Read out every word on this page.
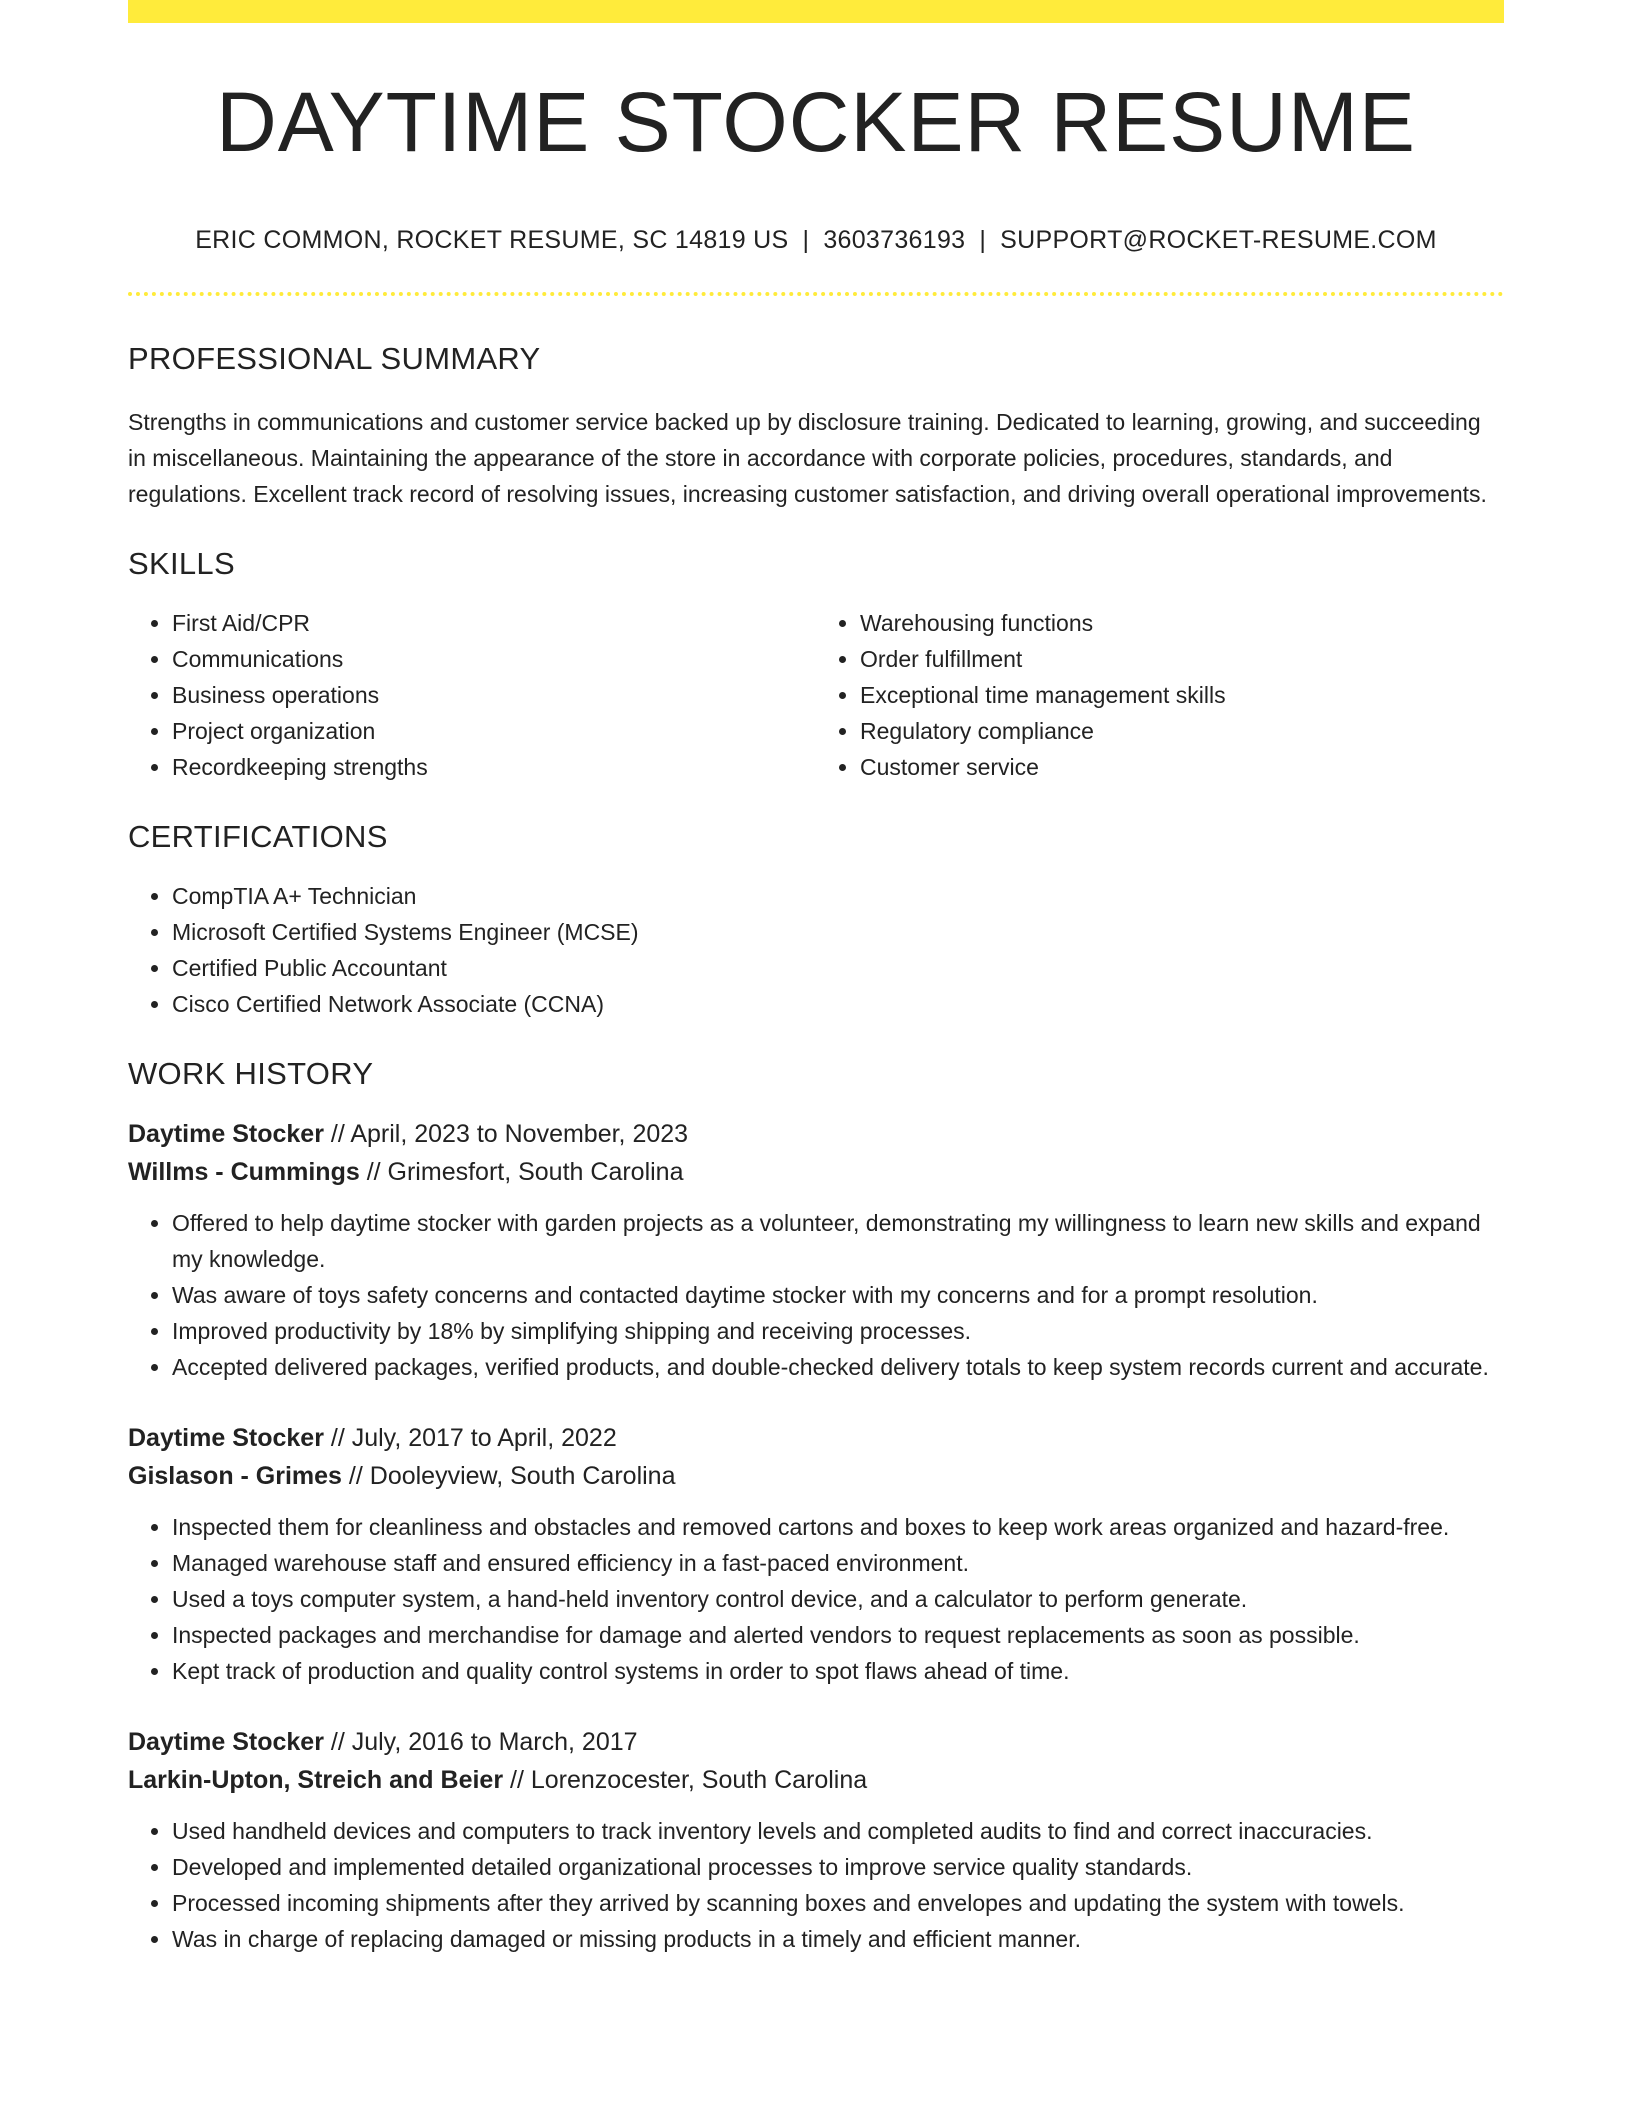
DAYTIME STOCKER RESUME
ERIC COMMON, ROCKET RESUME, SC 14819 US | 3603736193 | SUPPORT@ROCKET-RESUME.COM
PROFESSIONAL SUMMARY

Strengths in communications and customer service backed up by disclosure training. Dedicated to learning, growing, and succeeding in miscellaneous. Maintaining the appearance of the store in accordance with corporate policies, procedures, standards, and regulations. Excellent track record of resolving issues, increasing customer satisfaction, and driving overall operational improvements.

SKILLS
• First Aid/CPR
• Communications
• Business operations
• Project organization
• Recordkeeping strengths
• Warehousing functions
• Order fulfillment
• Exceptional time management skills
• Regulatory compliance
• Customer service
CERTIFICATIONS
• CompTIA A+ Technician
• Microsoft Certified Systems Engineer (MCSE)
• Certified Public Accountant
• Cisco Certified Network Associate (CCNA)
WORK HISTORY
Daytime Stocker // April, 2023 to November, 2023
Willms - Cummings // Grimesfort, South Carolina
• Offered to help daytime stocker with garden projects as a volunteer, demonstrating my willingness to learn new skills and expand my knowledge.
• Was aware of toys safety concerns and contacted daytime stocker with my concerns and for a prompt resolution.
• Improved productivity by 18% by simplifying shipping and receiving processes.
• Accepted delivered packages, verified products, and double-checked delivery totals to keep system records current and accurate.
Daytime Stocker // July, 2017 to April, 2022
Gislason - Grimes // Dooleyview, South Carolina
• Inspected them for cleanliness and obstacles and removed cartons and boxes to keep work areas organized and hazard-free.
• Managed warehouse staff and ensured efficiency in a fast-paced environment.
• Used a toys computer system, a hand-held inventory control device, and a calculator to perform generate.
• Inspected packages and merchandise for damage and alerted vendors to request replacements as soon as possible.
• Kept track of production and quality control systems in order to spot flaws ahead of time.
Daytime Stocker // July, 2016 to March, 2017
Larkin-Upton, Streich and Beier // Lorenzocester, South Carolina
• Used handheld devices and computers to track inventory levels and completed audits to find and correct inaccuracies.
• Developed and implemented detailed organizational processes to improve service quality standards.
• Processed incoming shipments after they arrived by scanning boxes and envelopes and updating the system with towels.
• Was in charge of replacing damaged or missing products in a timely and efficient manner.
